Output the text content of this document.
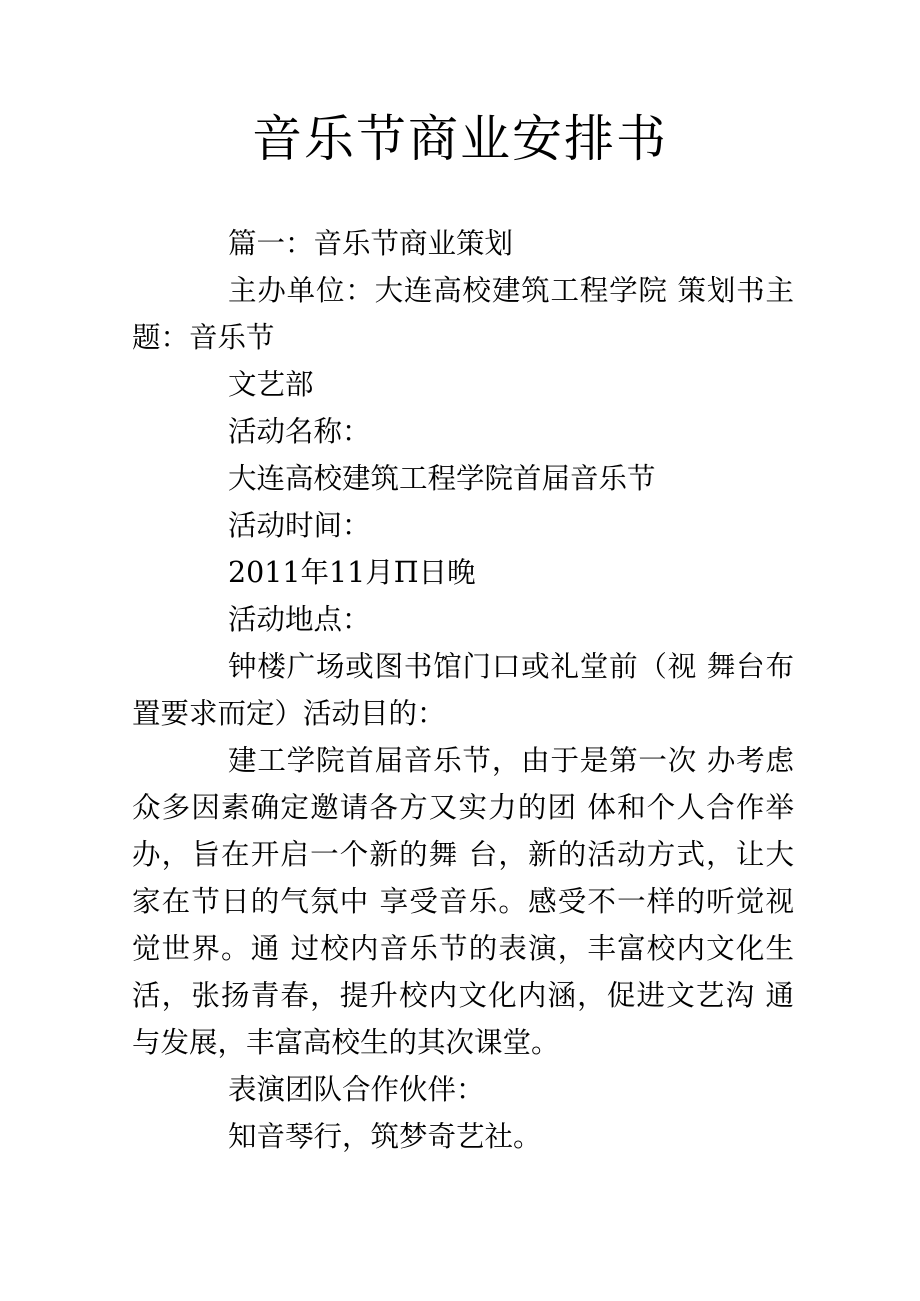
音乐节商业安排书

篇一：音乐节商业策划

主办单位：大连高校建筑工程学院 策划书主题：音乐节

文艺部

活动名称：

大连高校建筑工程学院首届音乐节

活动时间：

2011年11月Π日晚

活动地点：

钟楼广场或图书馆门口或礼堂前（视 舞台布置要求而定）活动目的：

建工学院首届音乐节，由于是第一次 办考虑众多因素确定邀请各方又实力的团 体和个人合作举办，旨在开启一个新的舞 台，新的活动方式，让大家在节日的气氛中 享受音乐。感受不一样的听觉视觉世界。通 过校内音乐节的表演，丰富校内文化生活，张扬青春，提升校内文化内涵，促进文艺沟 通与发展，丰富高校生的其次课堂。

表演团队合作伙伴：

知音琴行，筑梦奇艺社。
